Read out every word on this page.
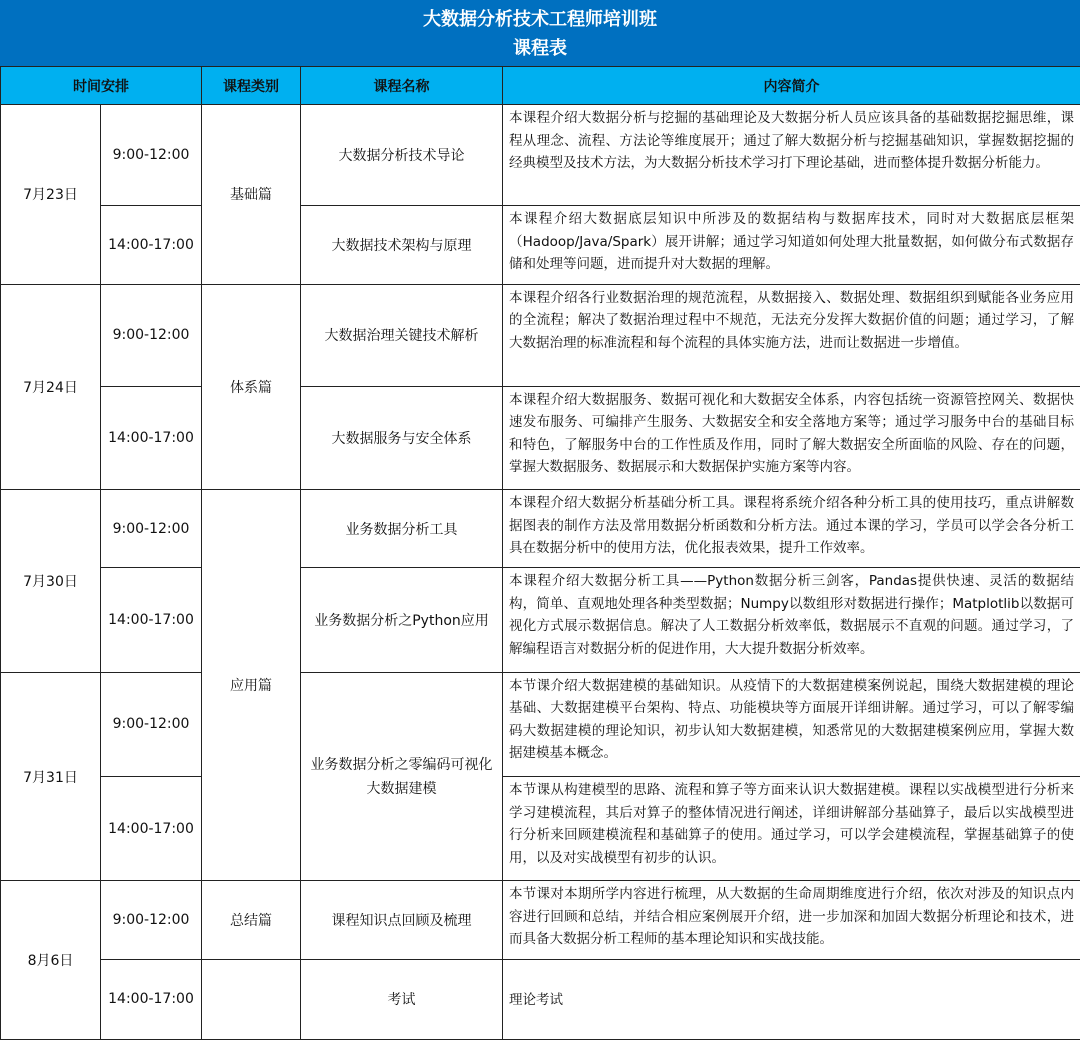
大数据分析技术工程师培训班
课程表
时间安排		课程类别	课程名称	内容简介
7月23日	9:00-12:00	基础篇	大数据分析技术导论	本课程介绍大数据分析与挖掘的基础理论及大数据分析人员应该具备的基础数据挖掘思维，课程从理念、流程、方法论等维度展开；通过了解大数据分析与挖掘基础知识，掌握数据挖掘的经典模型及技术方法，为大数据分析技术学习打下理论基础，进而整体提升数据分析能力。
	14:00-17:00		大数据技术架构与原理	本课程介绍大数据底层知识中所涉及的数据结构与数据库技术，同时对大数据底层框架（Hadoop/Java/Spark）展开讲解；通过学习知道如何处理大批量数据，如何做分布式数据存储和处理等问题，进而提升对大数据的理解。
7月24日	9:00-12:00	体系篇	大数据治理关键技术解析	本课程介绍各行业数据治理的规范流程，从数据接入、数据处理、数据组织到赋能各业务应用的全流程；解决了数据治理过程中不规范，无法充分发挥大数据价值的问题；通过学习，了解大数据治理的标准流程和每个流程的具体实施方法，进而让数据进一步增值。
	14:00-17:00		大数据服务与安全体系	本课程介绍大数据服务、数据可视化和大数据安全体系，内容包括统一资源管控网关、数据快速发布服务、可编排产生服务、大数据安全和安全落地方案等；通过学习服务中台的基础目标和特色，了解服务中台的工作性质及作用，同时了解大数据安全所面临的风险、存在的问题，掌握大数据服务、数据展示和大数据保护实施方案等内容。
7月30日	9:00-12:00	应用篇	业务数据分析工具	本课程介绍大数据分析基础分析工具。课程将系统介绍各种分析工具的使用技巧，重点讲解数据图表的制作方法及常用数据分析函数和分析方法。通过本课的学习，学员可以学会各分析工具在数据分析中的使用方法，优化报表效果，提升工作效率。
	14:00-17:00		业务数据分析之Python应用	本课程介绍大数据分析工具——Python数据分析三剑客，Pandas提供快速、灵活的数据结构，简单、直观地处理各种类型数据；Numpy以数组形对数据进行操作；Matplotlib以数据可视化方式展示数据信息。解决了人工数据分析效率低，数据展示不直观的问题。通过学习，了解编程语言对数据分析的促进作用，大大提升数据分析效率。
7月31日	9:00-12:00		业务数据分析之零编码可视化大数据建模	本节课介绍大数据建模的基础知识。从疫情下的大数据建模案例说起，围绕大数据建模的理论基础、大数据建模平台架构、特点、功能模块等方面展开详细讲解。通过学习，可以了解零编码大数据建模的理论知识，初步认知大数据建模，知悉常见的大数据建模案例应用，掌握大数据建模基本概念。
	14:00-17:00			本节课从构建模型的思路、流程和算子等方面来认识大数据建模。课程以实战模型进行分析来学习建模流程，其后对算子的整体情况进行阐述，详细讲解部分基础算子，最后以实战模型进行分析来回顾建模流程和基础算子的使用。通过学习，可以学会建模流程，掌握基础算子的使用，以及对实战模型有初步的认识。
8月6日	9:00-12:00	总结篇	课程知识点回顾及梳理	本节课对本期所学内容进行梳理，从大数据的生命周期维度进行介绍，依次对涉及的知识点内容进行回顾和总结，并结合相应案例展开介绍，进一步加深和加固大数据分析理论和技术，进而具备大数据分析工程师的基本理论知识和实战技能。
	14:00-17:00		考试	理论考试
